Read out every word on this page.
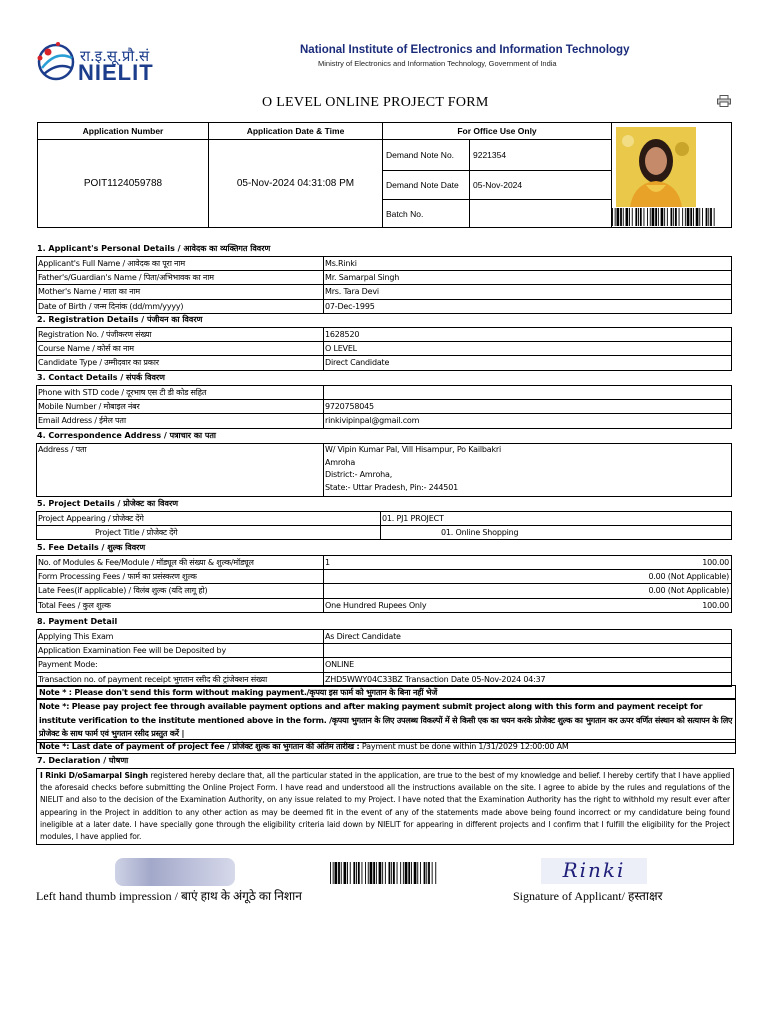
रा.इ.सू.प्रौ.सं
NIELIT
National Institute of Electronics and Information Technology
Ministry of Electronics and Information Technology, Government of India
O LEVEL ONLINE PROJECT FORM
Application Number	Application Date & Time	For Office Use Only	

POIT1124059788	05-Nov-2024 04:31:08 PM	Demand Note No.	9221354	
		Demand Note Date	05-Nov-2024	
		Batch No.		
1. Applicant's Personal Details / आवेदक का व्यक्तिगत विवरण
Applicant's Full Name / आवेदक का पूरा नाम	Ms.Rinki
Father's/Guardian's Name / पिता/अभिभावक का नाम	Mr. Samarpal Singh
Mother's Name / माता का नाम	Mrs. Tara Devi
Date of Birth / जन्म दिनांक (dd/mm/yyyy)	07-Dec-1995
2. Registration Details / पंजीयन का विवरण
Registration No. / पंजीकरण संख्या	1628520
Course Name / कोर्स का नाम	O LEVEL
Candidate Type / उम्मीदवार का प्रकार	Direct Candidate
3. Contact Details / संपर्क विवरण
Phone with STD code / दूरभाष एस टी डी कोड सहित	
Mobile Number / मोबाइल नंबर	9720758045
Email Address / ईमेल पता	rinkivipinpal@gmail.com
4. Correspondence Address / पत्राचार का पता
Address / पता	W/ Vipin Kumar Pal, Vill Hisampur, Po Kailbakri
Amroha
District:- Amroha,
State:- Uttar Pradesh, Pin:- 244501
5. Project Details / प्रोजेक्ट का विवरण
Project Appearing / प्रोजेक्ट देंगे	01. PJ1 PROJECT
Project Title / प्रोजेक्ट देंगे	01. Online Shopping
5. Fee Details / शुल्क विवरण
No. of Modules & Fee/Module / मॉड्यूल की संख्या & शुल्क/मॉड्यूल	1 100.00

Form Processing Fees / फार्म का प्रसंस्करण शुल्क	0.00 (Not Applicable)
Late Fees(if applicable) / विलंब शुल्क (यदि लागू हो)	0.00 (Not Applicable)
Total Fees / कुल शुल्क	One Hundred Rupees Only 100.00
8. Payment Detail
Applying This Exam	As Direct Candidate
Application Examination Fee will be Deposited by	
Payment Mode:	ONLINE
Transaction no. of payment receipt भुगतान रसीद की ट्रांजेक्शन संख्या	ZHD5WWY04C33BZ Transaction Date 05-Nov-2024 04:37
Note * : Please don't send this form without making payment./कृपया इस फार्म को भुगतान के बिना नहीं भेजें
Note *: Please pay project fee through available payment options and after making payment submit project along with this form and payment receipt for institute verification to the institute mentioned above in the form. /कृपया भुगतान के लिए उपलब्ध विकल्पों में से किसी एक का चयन करके प्रोजेक्ट शुल्क का भुगतान कर ऊपर वर्णित संस्थान को सत्यापन के लिए प्रोजेक्ट के साथ फार्म एवं भुगतान रसीद प्रस्तुत करें |
Note *: Last date of payment of project fee / प्रोजेक्ट शुल्क का भुगतान की अंतिम तारीख : Payment must be done within 1/31/2029 12:00:00 AM
7. Declaration / घोषणा
I Rinki D/oSamarpal Singh registered hereby declare that, all the particular stated in the application, are true to the best of my knowledge and belief. I hereby certify that I have applied the aforesaid checks before submitting the Online Project Form. I have read and understood all the instructions available on the site. I agree to abide by the rules and regulations of the NIELIT and also to the decision of the Examination Authority, on any issue related to my Project. I have noted that the Examination Authority has the right to withhold my result ever after appearing in the Project in addition to any other action as may be deemed fit in the event of any of the statements made above being found incorrect or my candidature being found ineligible at a later date. I have specially gone through the eligibility criteria laid down by NIELIT for appearing in different projects and I confirm that I fulfill the eligibility for the Project modules, I have applied for.
Rinki
Left hand thumb impression / बाएं हाथ के अंगूठे का निशान	Signature of Applicant/ हस्ताक्षर
